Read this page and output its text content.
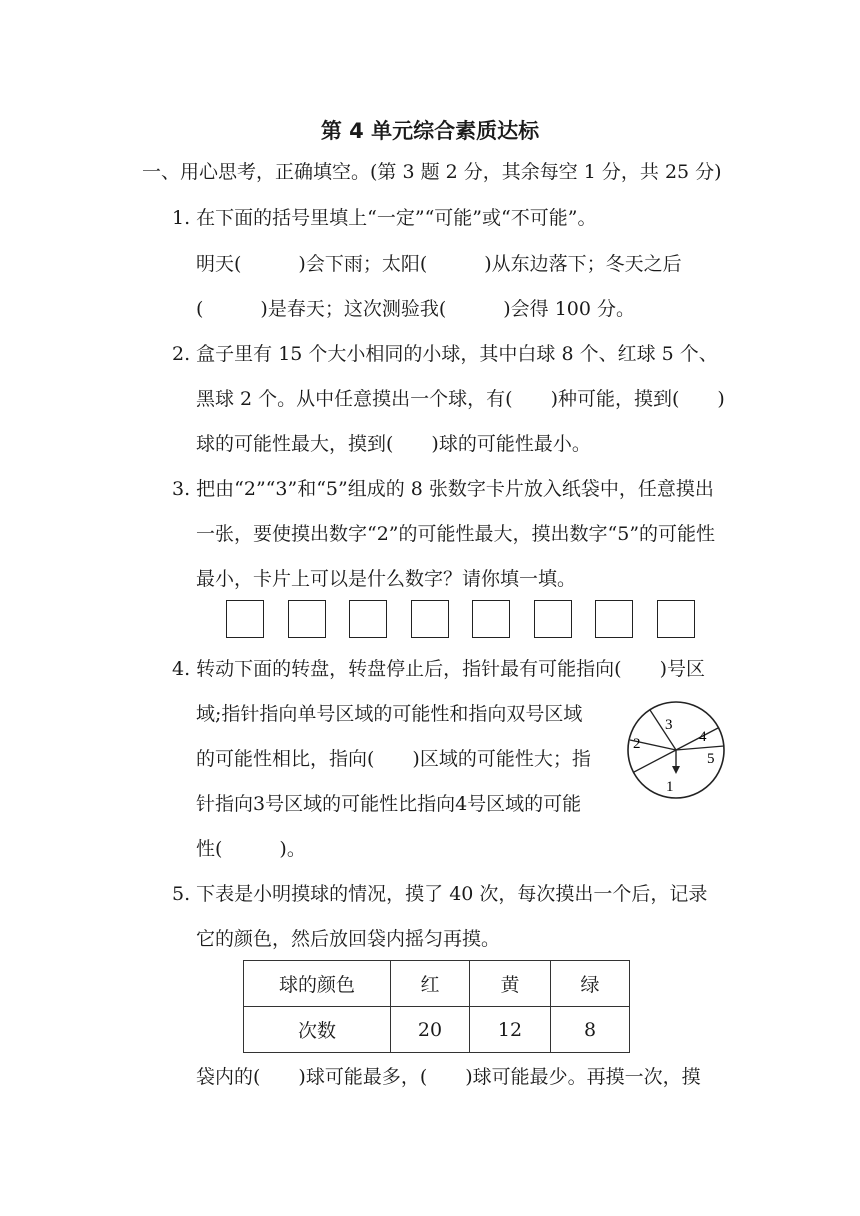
第 4 单元综合素质达标
一、用心思考，正确填空。(第 3 题 2 分，其余每空 1 分，共 25 分)
1. 在下面的括号里填上“一定”“可能”或“不可能”。
明天(　　　)会下雨；太阳(　　　)从东边落下；冬天之后
(　　　)是春天；这次测验我(　　　)会得 100 分。
2. 盒子里有 15 个大小相同的小球，其中白球 8 个、红球 5 个、
黑球 2 个。从中任意摸出一个球，有(　　)种可能，摸到(　　)
球的可能性最大，摸到(　　)球的可能性最小。
3. 把由“2”“3”和“5”组成的 8 张数字卡片放入纸袋中，任意摸出
一张，要使摸出数字“2”的可能性最大，摸出数字“5”的可能性
最小，卡片上可以是什么数字？请你填一填。
4. 转动下面的转盘，转盘停止后，指针最有可能指向(　　)号区
域;指针指向单号区域的可能性和指向双号区域
的可能性相比，指向(　　)区域的可能性大；指
针指向3号区域的可能性比指向4号区域的可能
性(　　　)。
3
2	4
5
1
5. 下表是小明摸球的情况，摸了 40 次，每次摸出一个后，记录
它的颜色，然后放回袋内摇匀再摸。
球的颜色	红	黄	绿
次数	20	12	8
袋内的(　　)球可能最多，(　　)球可能最少。再摸一次，摸
